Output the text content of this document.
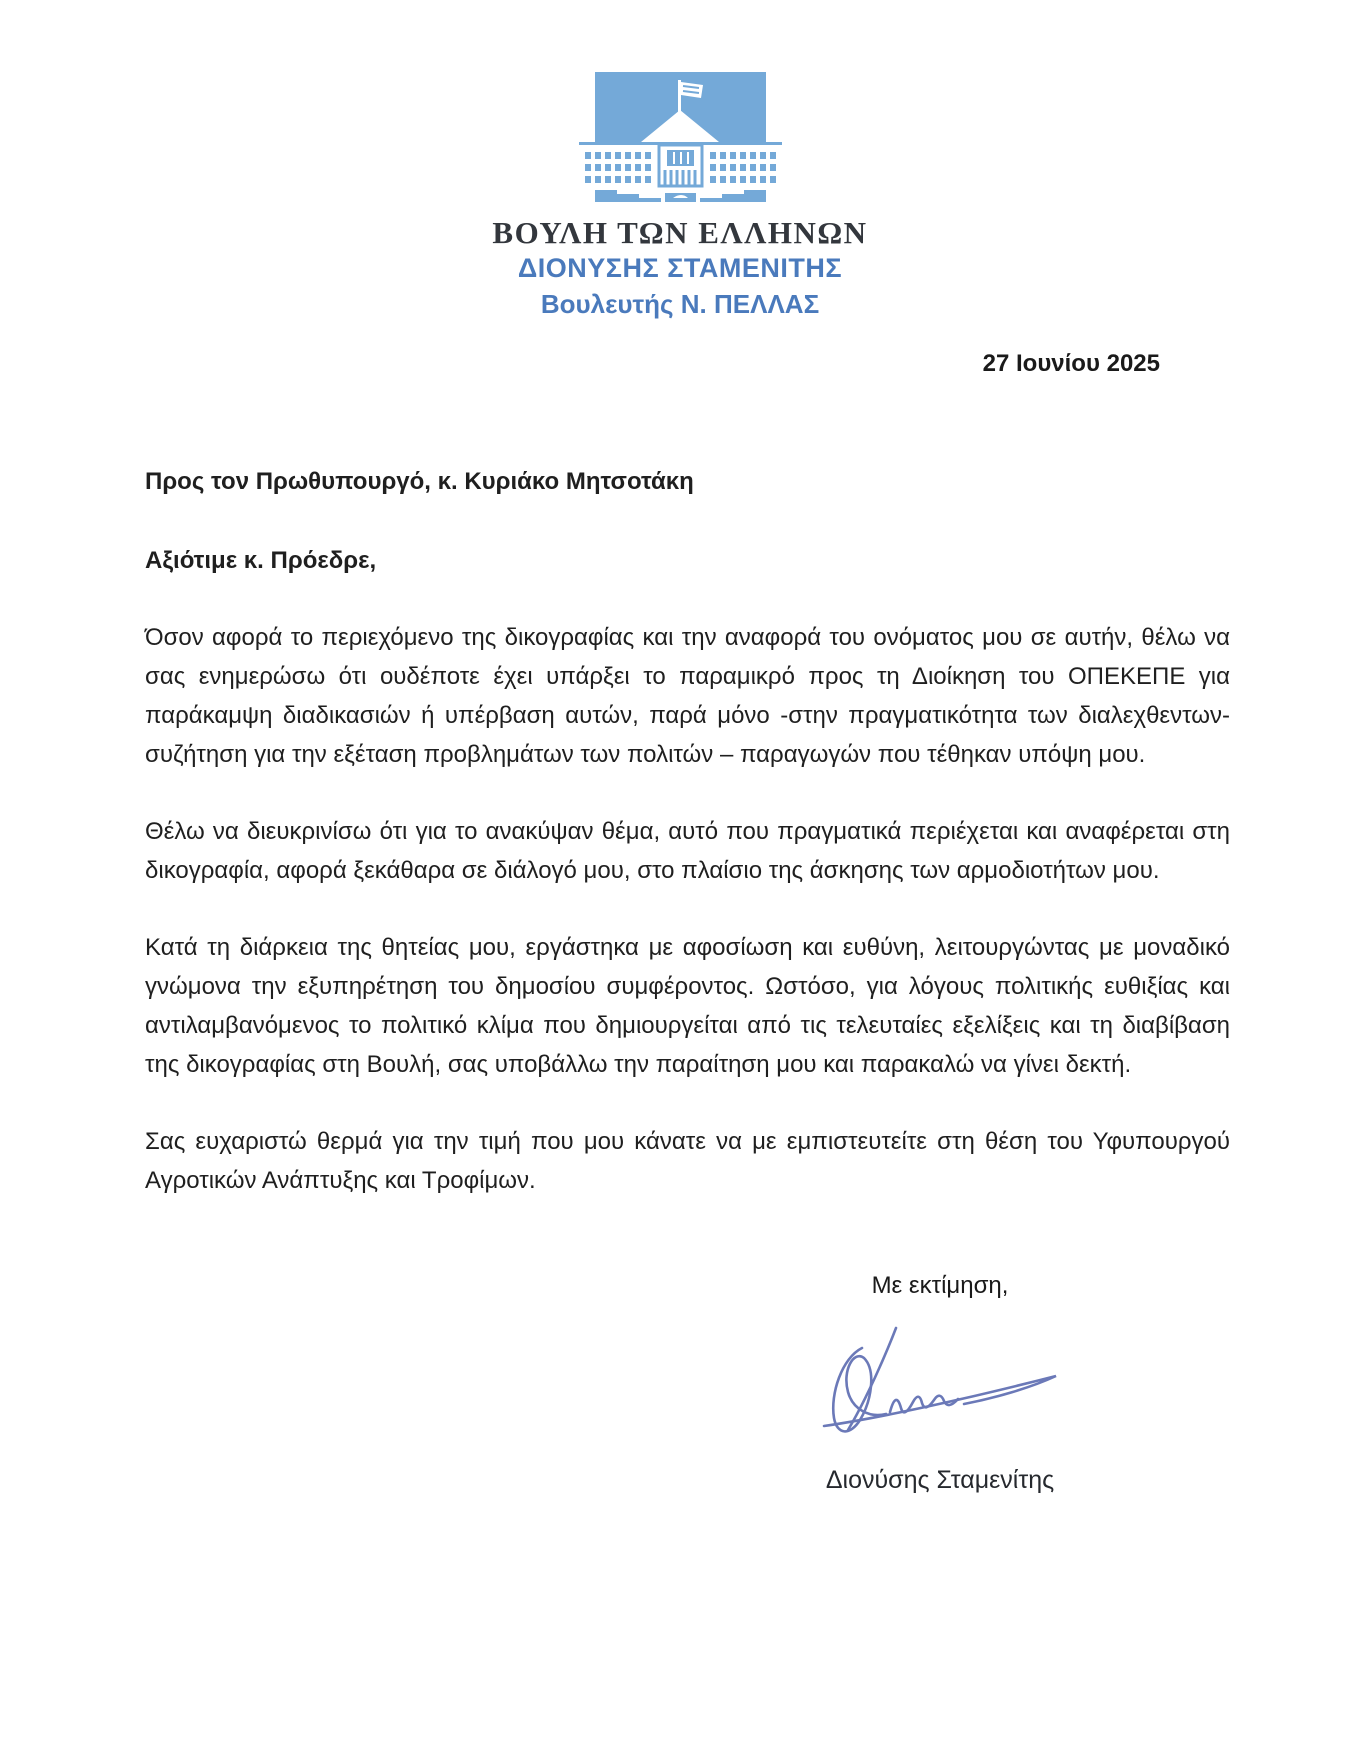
ΒΟΥΛΗ ΤΩΝ ΕΛΛΗΝΩΝ
ΔΙΟΝΥΣΗΣ ΣΤΑΜΕΝΙΤΗΣ
Βουλευτής Ν. ΠΕΛΛΑΣ
27 Ιουνίου 2025
Προς τον Πρωθυπουργό, κ. Κυριάκο Μητσοτάκη
Αξιότιμε κ. Πρόεδρε,

Όσον αφορά το περιεχόμενο της δικογραφίας και την αναφορά του ονόματος μου σε αυτήν, θέλω να σας ενημερώσω ότι ουδέποτε έχει υπάρξει το παραμικρό προς τη Διοίκηση του ΟΠΕΚΕΠΕ για παράκαμψη διαδικασιών ή υπέρβαση αυτών, παρά μόνο -στην πραγματικότητα των διαλεχθεντων- συζήτηση για την εξέταση προβλημάτων των πολιτών – παραγωγών που τέθηκαν υπόψη μου.

Θέλω να διευκρινίσω ότι για το ανακύψαν θέμα, αυτό που πραγματικά περιέχεται και αναφέρεται στη δικογραφία, αφορά ξεκάθαρα σε διάλογό μου, στο πλαίσιο της άσκησης των αρμοδιοτήτων μου.

Κατά τη διάρκεια της θητείας μου, εργάστηκα με αφοσίωση και ευθύνη, λειτουργώντας με μοναδικό γνώμονα την εξυπηρέτηση του δημοσίου συμφέροντος. Ωστόσο, για λόγους πολιτικής ευθιξίας και αντιλαμβανόμενος το πολιτικό κλίμα που δημιουργείται από τις τελευταίες εξελίξεις και τη διαβίβαση της δικογραφίας στη Βουλή, σας υποβάλλω την παραίτηση μου και παρακαλώ να γίνει δεκτή.

Σας ευχαριστώ θερμά για την τιμή που μου κάνατε να με εμπιστευτείτε στη θέση του Υφυπουργού Αγροτικών Ανάπτυξης και Τροφίμων.

Με εκτίμηση,
Διονύσης Σταμενίτης
